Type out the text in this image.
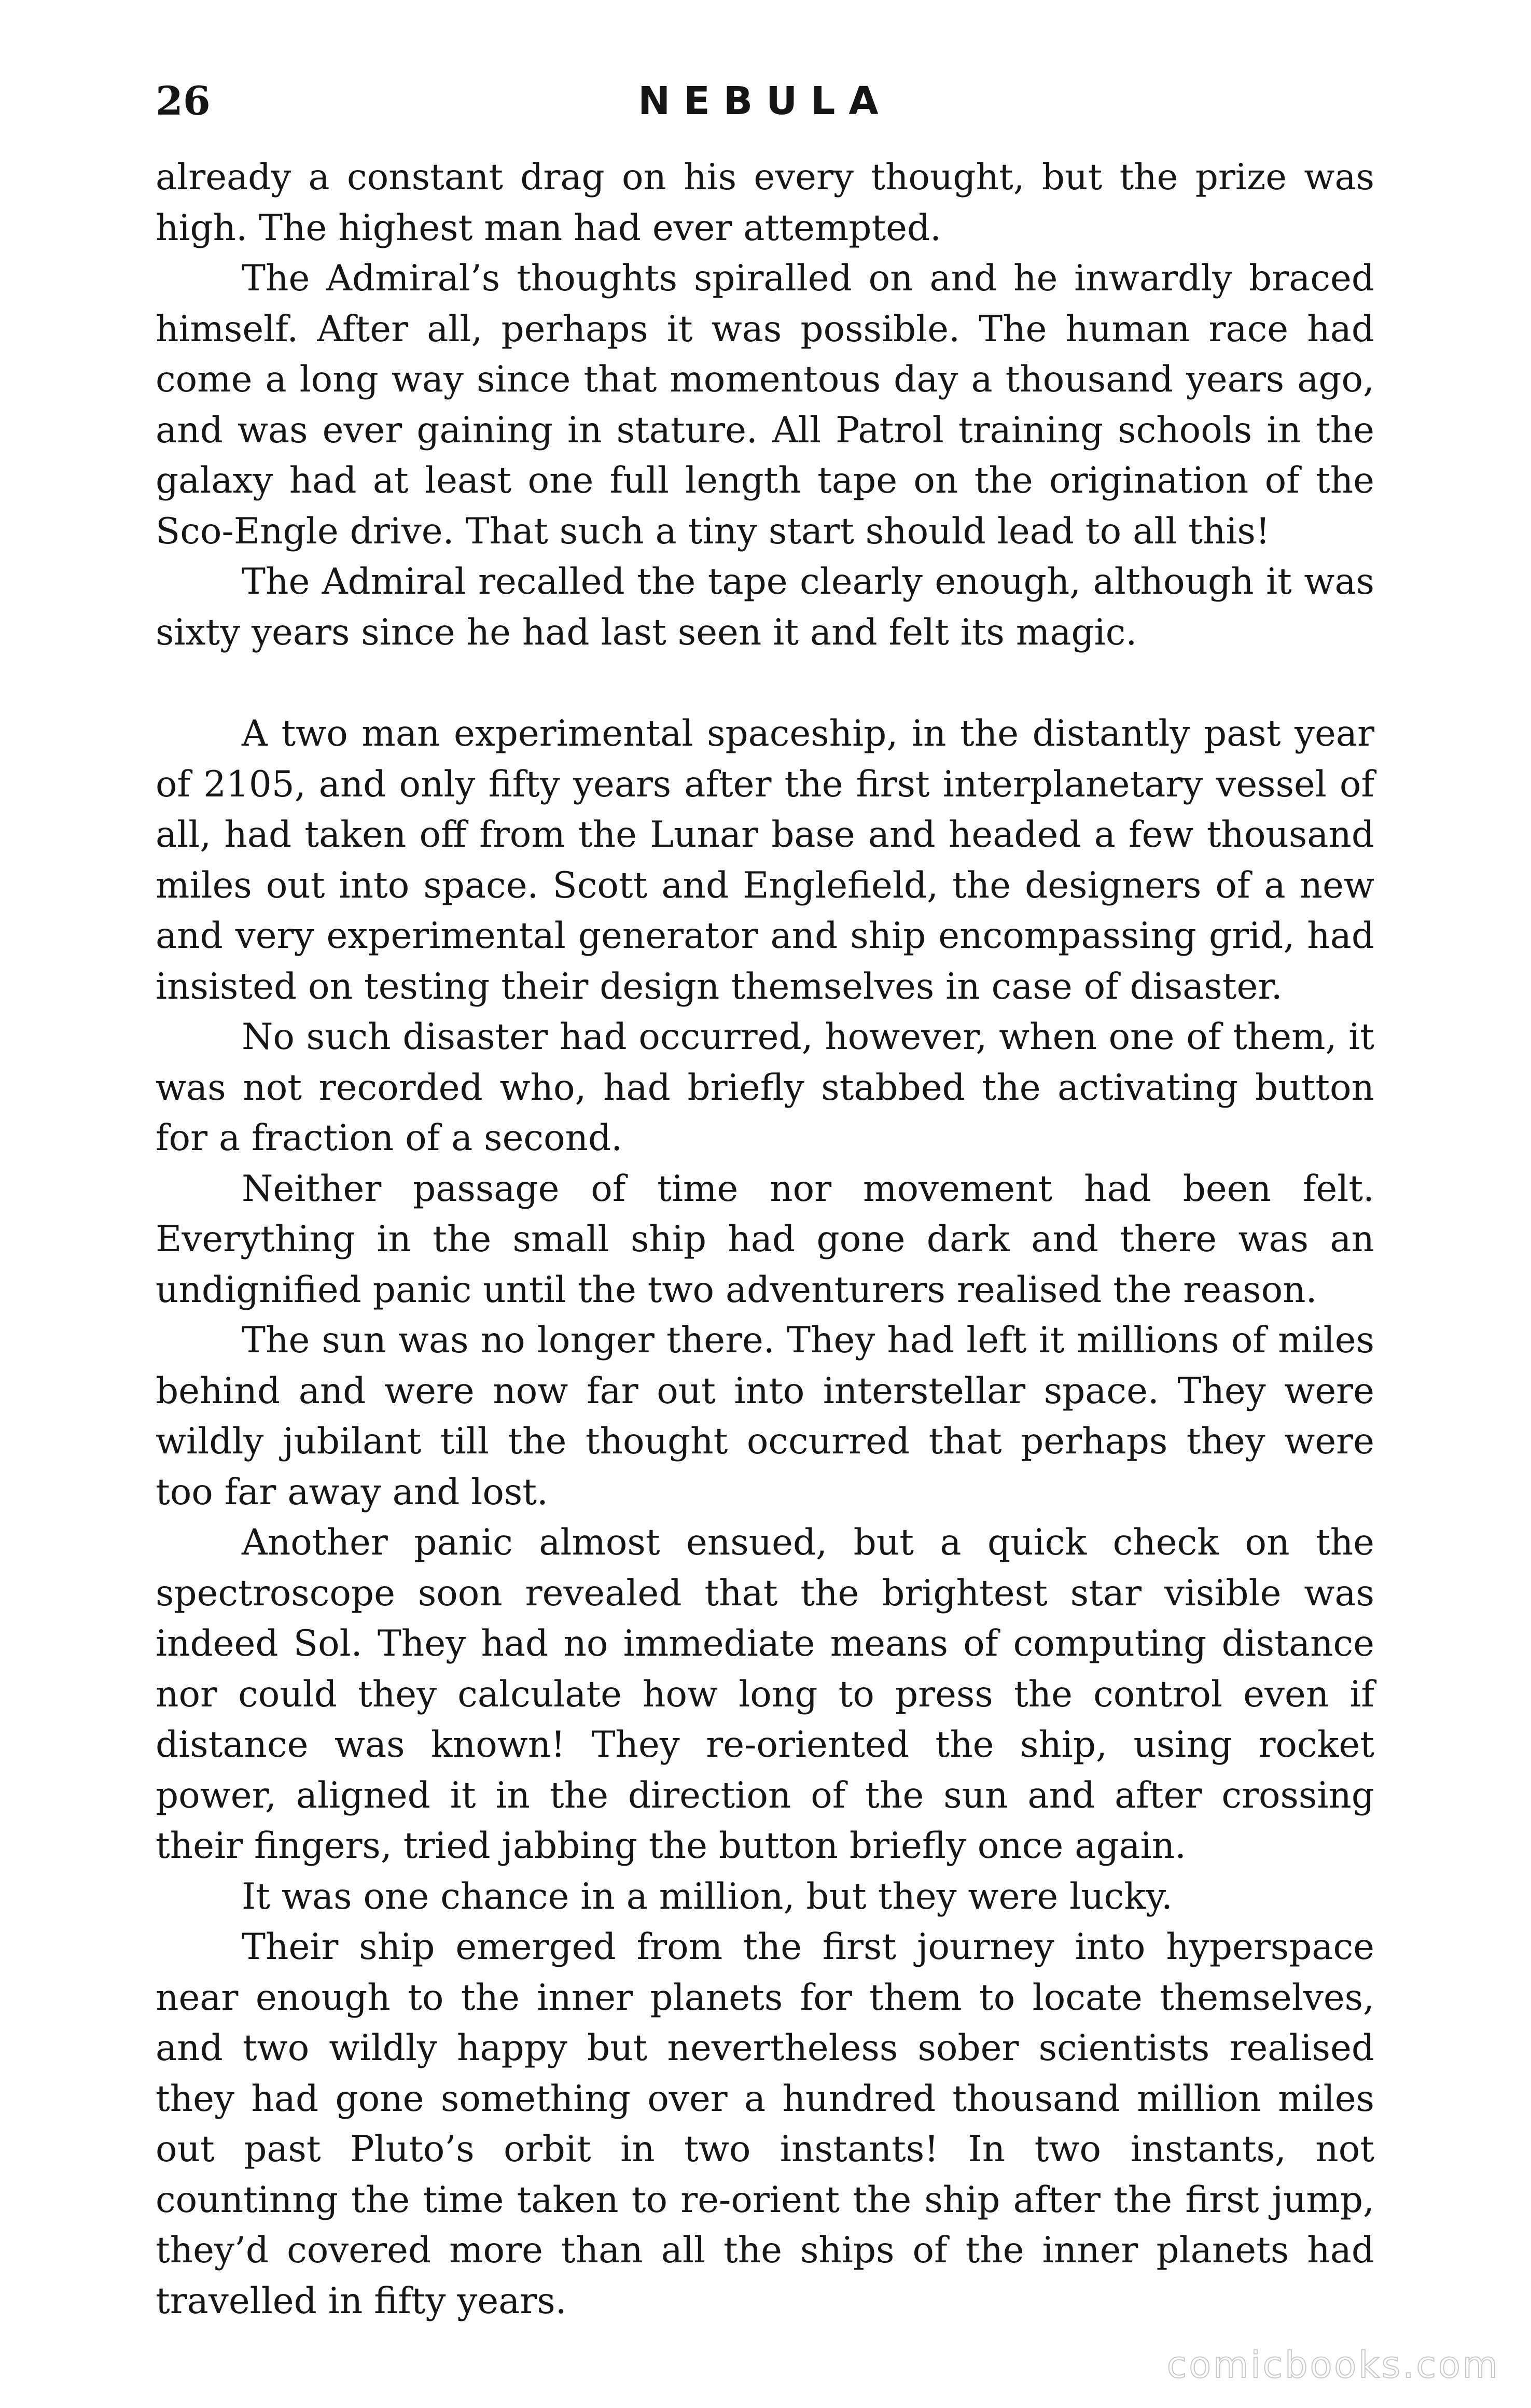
26	NEBULA

already a constant drag on his every thought, but the prize was high. The highest man had ever attempted.

The Admiral’s thoughts spiralled on and he inwardly braced himself. After all, perhaps it was possible. The human race had come a long way since that momentous day a thousand years ago, and was ever gaining in stature. All Patrol training schools in the galaxy had at least one full length tape on the origination of the Sco-Engle drive. That such a tiny start should lead to all this!

The Admiral recalled the tape clearly enough, although it was sixty years since he had last seen it and felt its magic.

A two man experimental spaceship, in the distantly past year of 2105, and only fifty years after the first interplanetary vessel of all, had taken off from the Lunar base and headed a few thousand miles out into space. Scott and Englefield, the designers of a new and very experimental generator and ship encompassing grid, had insisted on testing their design themselves in case of disaster.

No such disaster had occurred, however, when one of them, it was not recorded who, had briefly stabbed the activating button for a fraction of a second.

Neither passage of time nor movement had been felt. Everything in the small ship had gone dark and there was an undignified panic until the two adventurers realised the reason.

The sun was no longer there. They had left it millions of miles behind and were now far out into interstellar space. They were wildly jubilant till the thought occurred that perhaps they were too far away and lost.

Another panic almost ensued, but a quick check on the spectroscope soon revealed that the brightest star visible was indeed Sol. They had no immediate means of computing distance nor could they calculate how long to press the control even if distance was known! They re-oriented the ship, using rocket power, aligned it in the direction of the sun and after crossing their fingers, tried jabbing the button briefly once again.

It was one chance in a million, but they were lucky.

Their ship emerged from the first journey into hyperspace near enough to the inner planets for them to locate themselves, and two wildly happy but nevertheless sober scientists realised they had gone something over a hundred thousand million miles out past Pluto’s orbit in two instants! In two instants, not countinng the time taken to re-orient the ship after the first jump, they’d covered more than all the ships of the inner planets had travelled in fifty years.

comicbooks.com
